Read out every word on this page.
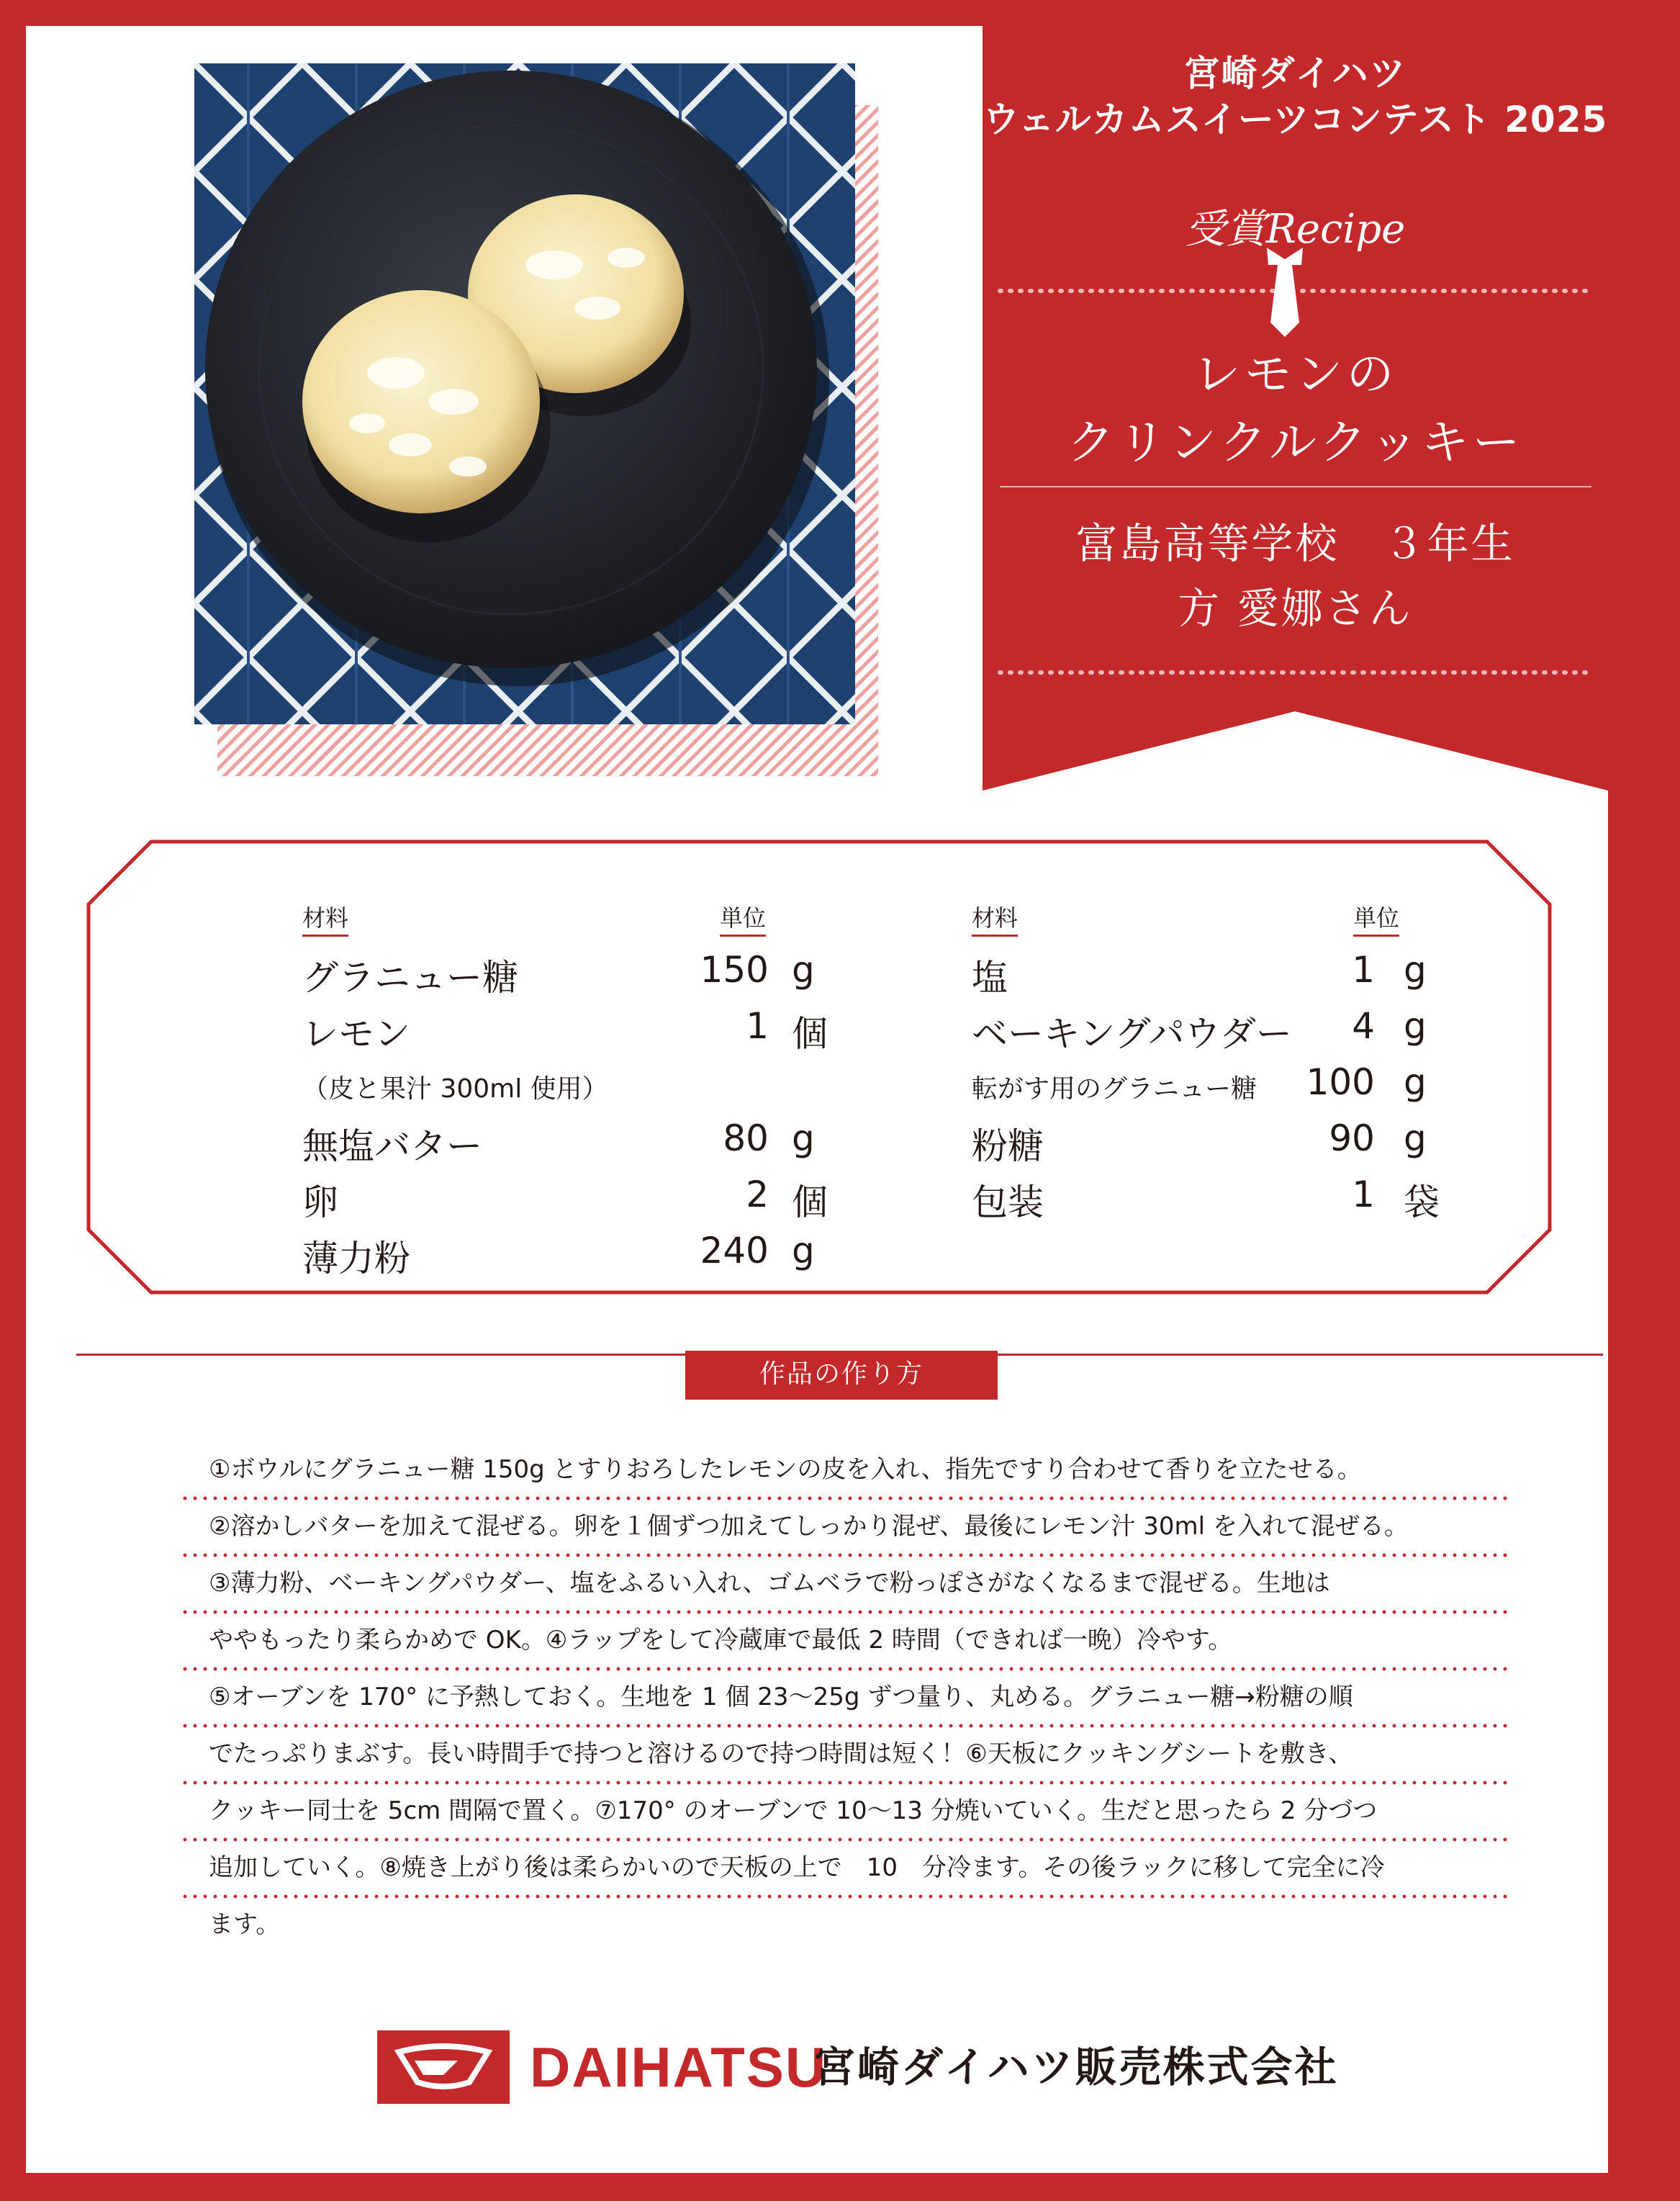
宮崎ダイハツ
ウェルカムスイーツコンテスト 2025
受賞Recipe
レモンの
クリンクルクッキー
富島高等学校　３年生
方 愛娜さん
材料	単位
グラニュー糖	150 g
レモン	1 個
（皮と果汁 300ml 使用）
無塩バター	80 g
卵	2 個
薄力粉	240 g
材料	単位
塩	1 g
ベーキングパウダー 4 g
転がす用のグラニュー糖 100 g
粉糖	90 g
包装	1 袋
作品の作り方
①ボウルにグラニュー糖 150g とすりおろしたレモンの皮を入れ、指先ですり合わせて香りを立たせる。
②溶かしバターを加えて混ぜる。卵を１個ずつ加えてしっかり混ぜ、最後にレモン汁 30ml を入れて混ぜる。
③薄力粉、ベーキングパウダー、塩をふるい入れ、ゴムベラで粉っぽさがなくなるまで混ぜる。生地は
ややもったり柔らかめで OK。④ラップをして冷蔵庫で最低 2 時間（できれば一晩）冷やす。
⑤オーブンを 170° に予熱しておく。生地を 1 個 23〜25g ずつ量り、丸める。グラニュー糖→粉糖の順
でたっぷりまぶす。長い時間手で持つと溶けるので持つ時間は短く！⑥天板にクッキングシートを敷き、
クッキー同士を 5cm 間隔で置く。⑦170° のオーブンで 10〜13 分焼いていく。生だと思ったら 2 分づつ
追加していく。⑧焼き上がり後は柔らかいので天板の上で　10　分冷ます。その後ラックに移して完全に冷
ます。
DAIHATSU
宮崎ダイハツ販売株式会社
